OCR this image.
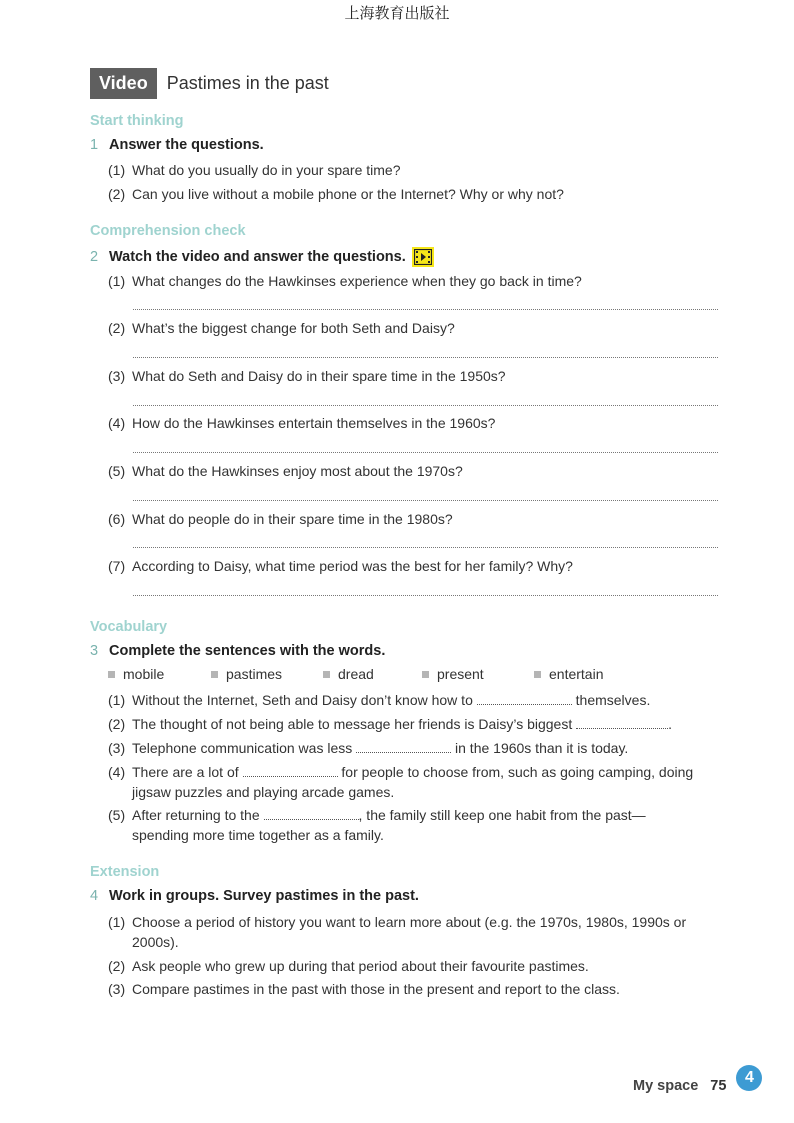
上海教育出版社
Video	Pastimes in the past
Start thinking
1 Answer the questions.
(1) What do you usually do in your spare time?
(2) Can you live without a mobile phone or the Internet? Why or why not?
Comprehension check
2 Watch the video and answer the questions.
(1) What changes do the Hawkinses experience when they go back in time?
(2) What’s the biggest change for both Seth and Daisy?
(3) What do Seth and Daisy do in their spare time in the 1950s?
(4) How do the Hawkinses entertain themselves in the 1960s?
(5) What do the Hawkinses enjoy most about the 1970s?
(6) What do people do in their spare time in the 1980s?
(7) According to Daisy, what time period was the best for her family? Why?
Vocabulary
3 Complete the sentences with the words.
mobile	pastimes	dread	present	entertain
(1) Without the Internet, Seth and Daisy don’t know how to	themselves.
(2) The thought of not being able to message her friends is Daisy’s biggest	.
(3) Telephone communication was less	in the 1960s than it is today.
(4) There are a lot of	for people to choose from, such as going camping, doing
jigsaw puzzles and playing arcade games.
(5) After returning to the	, the family still keep one habit from the past—
spending more time together as a family.
Extension
4 Work in groups. Survey pastimes in the past.
(1) Choose a period of history you want to learn more about (e.g. the 1970s, 1980s, 1990s or
2000s).
(2) Ask people who grew up during that period about their favourite pastimes.
(3) Compare pastimes in the past with those in the present and report to the class.
My space 75	4
